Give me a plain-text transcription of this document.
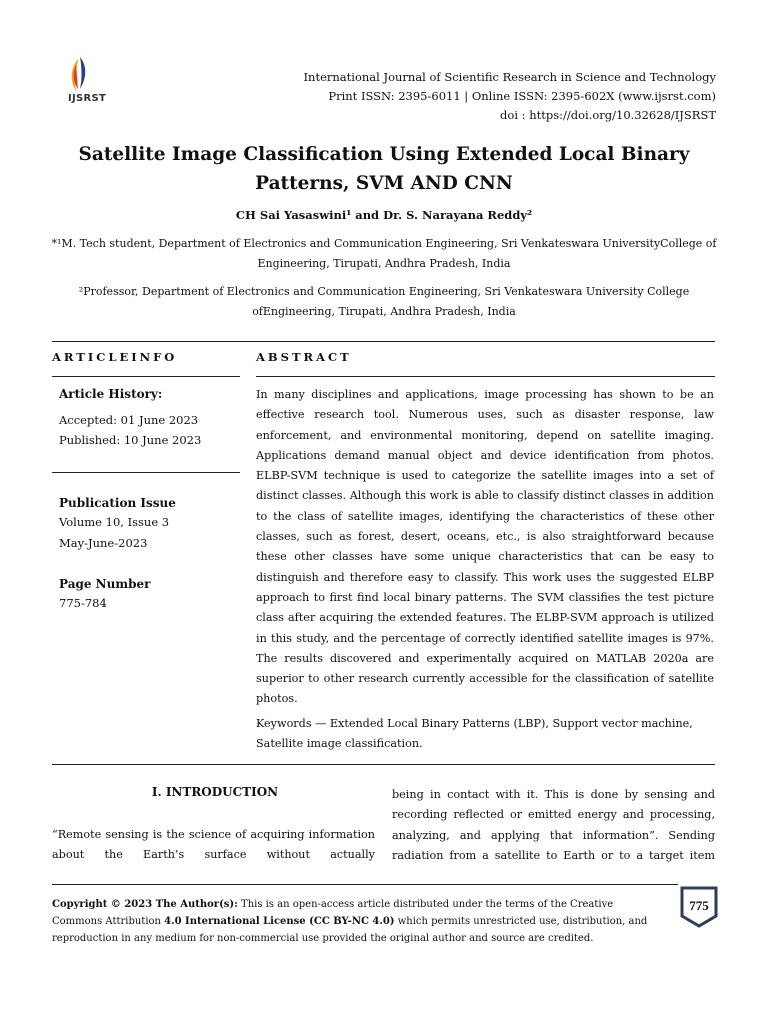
IJSRST
International Journal of Scientific Research in Science and Technology
Print ISSN: 2395-6011 | Online ISSN: 2395-602X (www.ijsrst.com)
doi : https://doi.org/10.32628/IJSRST
Satellite Image Classification Using Extended Local Binary Patterns, SVM AND CNN
CH Sai Yasaswini¹ and Dr. S. Narayana Reddy²
*¹M. Tech student, Department of Electronics and Communication Engineering, Sri Venkateswara UniversityCollege of Engineering, Tirupati, Andhra Pradesh, India
²Professor, Department of Electronics and Communication Engineering, Sri Venkateswara University College ofEngineering, Tirupati, Andhra Pradesh, India
ARTICLEINFO
Article History:
Accepted: 01 June 2023
Published: 10 June 2023
Publication Issue
Volume 10, Issue 3
May-June-2023
Page Number
775-784
ABSTRACT
In many disciplines and applications, image processing has shown to be an effective research tool. Numerous uses, such as disaster response, law enforcement, and environmental monitoring, depend on satellite imaging. Applications demand manual object and device identification from photos. ELBP-SVM technique is used to categorize the satellite images into a set of distinct classes. Although this work is able to classify distinct classes in addition to the class of satellite images, identifying the characteristics of these other classes, such as forest, desert, oceans, etc., is also straightforward because these other classes have some unique characteristics that can be easy to distinguish and therefore easy to classify. This work uses the suggested ELBP approach to first find local binary patterns. The SVM classifies the test picture class after acquiring the extended features. The ELBP-SVM approach is utilized in this study, and the percentage of correctly identified satellite images is 97%. The results discovered and experimentally acquired on MATLAB 2020a are superior to other research currently accessible for the classification of satellite photos.
Keywords — Extended Local Binary Patterns (LBP), Support vector machine, Satellite image classification.
I. INTRODUCTION
“Remote sensing is the science of acquiring information about the Earth’s surface without actually
being in contact with it. This is done by sensing and recording reflected or emitted energy and processing, analyzing, and applying that information”. Sending radiation from a satellite to Earth or to a target item
Copyright © 2023 The Author(s): This is an open-access article distributed under the terms of the Creative Commons Attribution 4.0 International License (CC BY-NC 4.0) which permits unrestricted use, distribution, and reproduction in any medium for non-commercial use provided the original author and source are credited.
775
